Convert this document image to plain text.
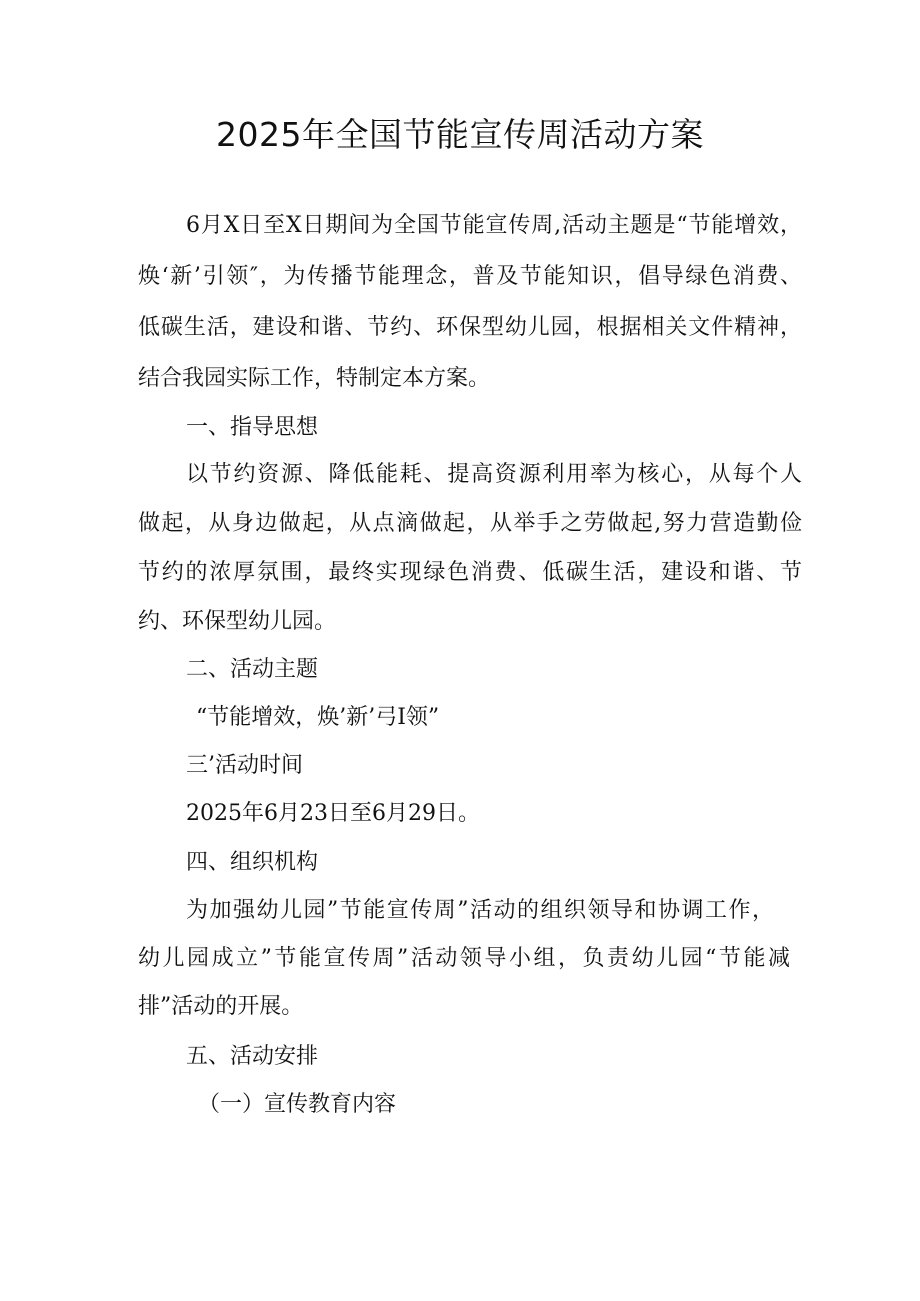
2025年全国节能宣传周活动方案

6月X日至X日期间为全国节能宣传周,活动主题是“节能增效，

焕‘新’引领″，为传播节能理念，普及节能知识，倡导绿色消费、

低碳生活，建设和谐、节约、环保型幼儿园，根据相关文件精神，

结合我园实际工作，特制定本方案。

一、指导思想

以节约资源、降低能耗、提高资源利用率为核心，从每个人

做起，从身边做起，从点滴做起，从举手之劳做起,努力营造勤俭

节约的浓厚氛围，最终实现绿色消费、低碳生活，建设和谐、节

约、环保型幼儿园。

二、活动主题

“节能增效，焕’新’弓I领”

三’活动时间

2025年6月23日至6月29日。

四、组织机构

为加强幼儿园”节能宣传周”活动的组织领导和协调工作，

幼儿园成立”节能宣传周”活动领导小组，负责幼儿园“节能减

排”活动的开展。

五、活动安排

（一）宣传教育内容
